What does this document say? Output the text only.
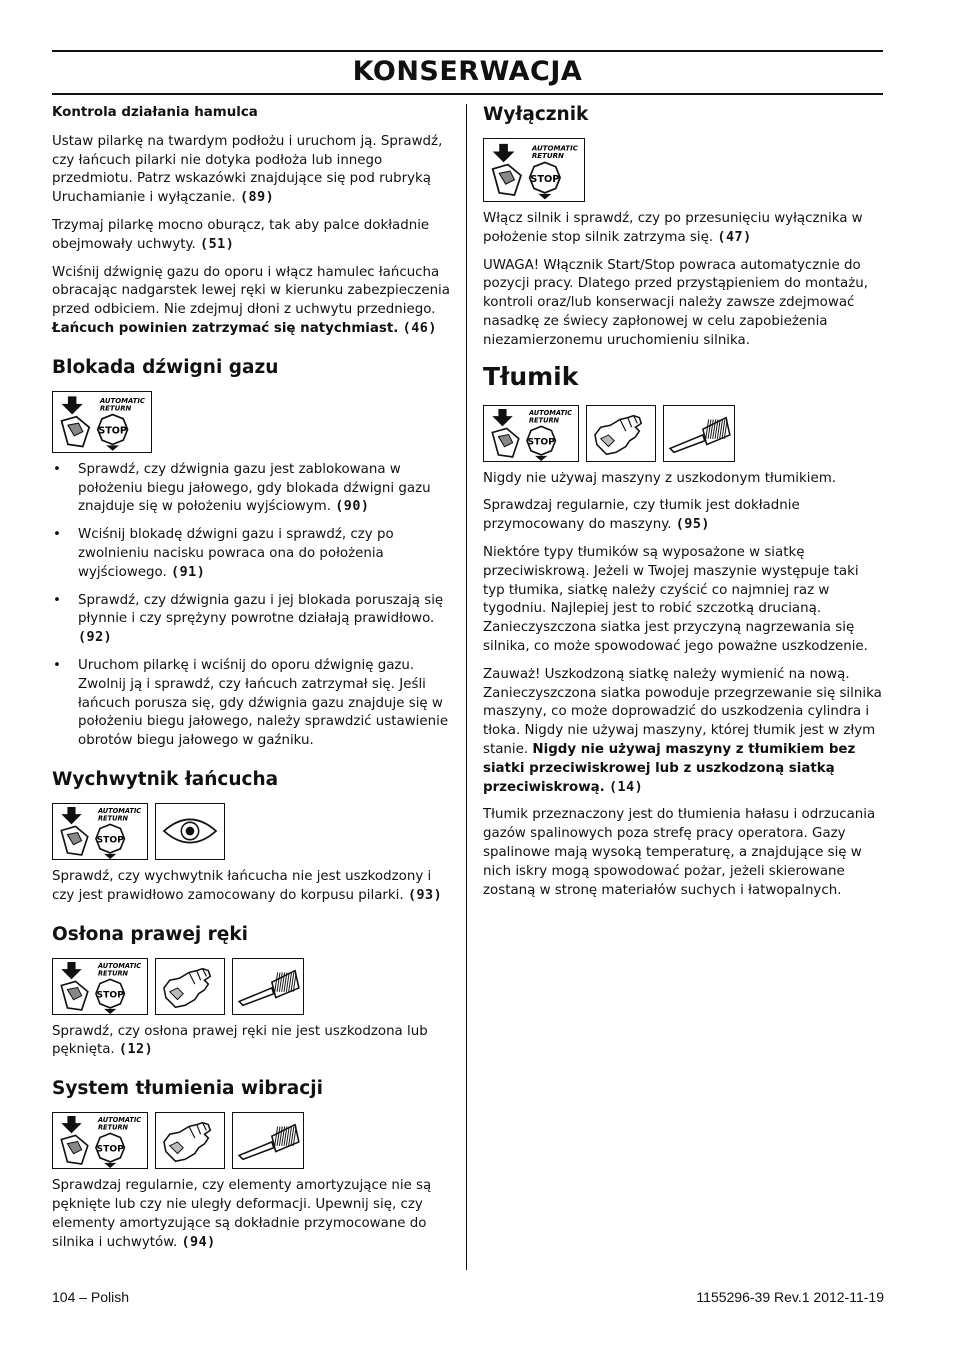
KONSERWACJA

Kontrola działania hamulca

Ustaw pilarkę na twardym podłożu i uruchom ją. Sprawdź, czy łańcuch pilarki nie dotyka podłoża lub innego przedmiotu. Patrz wskazówki znajdujące się pod rubryką Uruchamianie i wyłączanie. (89)

Trzymaj pilarkę mocno oburącz, tak aby palce dokładnie obejmowały uchwyty. (51)

Wciśnij dźwignię gazu do oporu i włącz hamulec łańcucha obracając nadgarstek lewej ręki w kierunku zabezpieczenia przed odbiciem. Nie zdejmuj dłoni z uchwytu przedniego.
Łańcuch powinien zatrzymać się natychmiast. (46)

Blokada dźwigni gazu
AUTOMATIC
RETURN
STOP
• Sprawdź, czy dźwignia gazu jest zablokowana w położeniu biegu jałowego, gdy blokada dźwigni gazu znajduje się w położeniu wyjściowym. (90)
• Wciśnij blokadę dźwigni gazu i sprawdź, czy po zwolnieniu nacisku powraca ona do położenia wyjściowego. (91)
• Sprawdź, czy dźwignia gazu i jej blokada poruszają się płynnie i czy sprężyny powrotne działają prawidłowo. (92)
• Uruchom pilarkę i wciśnij do oporu dźwignię gazu. Zwolnij ją i sprawdź, czy łańcuch zatrzymał się. Jeśli łańcuch porusza się, gdy dźwignia gazu znajduje się w położeniu biegu jałowego, należy sprawdzić ustawienie obrotów biegu jałowego w gaźniku.
Wychwytnik łańcucha
AUTOMATIC
RETURN
STOP

Sprawdź, czy wychwytnik łańcucha nie jest uszkodzony i czy jest prawidłowo zamocowany do korpusu pilarki. (93)

Osłona prawej ręki
AUTOMATIC
RETURN
STOP

Sprawdź, czy osłona prawej ręki nie jest uszkodzona lub pęknięta. (12)

System tłumienia wibracji
AUTOMATIC
RETURN
STOP

Sprawdzaj regularnie, czy elementy amortyzujące nie są pęknięte lub czy nie uległy deformacji. Upewnij się, czy elementy amortyzujące są dokładnie przymocowane do silnika i uchwytów. (94)

Wyłącznik
AUTOMATIC
RETURN
STOP

Włącz silnik i sprawdź, czy po przesunięciu wyłącznika w położenie stop silnik zatrzyma się. (47)

UWAGA! Włącznik Start/Stop powraca automatycznie do pozycji pracy. Dlatego przed przystąpieniem do montażu, kontroli oraz/lub konserwacji należy zawsze zdejmować nasadkę ze świecy zapłonowej w celu zapobieżenia niezamierzonemu uruchomieniu silnika.

Tłumik
AUTOMATIC
RETURN
STOP

Nigdy nie używaj maszyny z uszkodonym tłumikiem.

Sprawdzaj regularnie, czy tłumik jest dokładnie przymocowany do maszyny. (95)

Niektóre typy tłumików są wyposażone w siatkę przeciwiskrową. Jeżeli w Twojej maszynie występuje taki typ tłumika, siatkę należy czyścić co najmniej raz w tygodniu. Najlepiej jest to robić szczotką drucianą. Zanieczyszczona siatka jest przyczyną nagrzewania się silnika, co może spowodować jego poważne uszkodzenie.

Zauważ! Uszkodzoną siatkę należy wymienić na nową. Zanieczyszczona siatka powoduje przegrzewanie się silnika maszyny, co może doprowadzić do uszkodzenia cylindra i tłoka. Nigdy nie używaj maszyny, której tłumik jest w złym stanie. Nigdy nie używaj maszyny z tłumikiem bez siatki przeciwiskrowej lub z uszkodzoną siatką przeciwiskrową. (14)

Tłumik przeznaczony jest do tłumienia hałasu i odrzucania gazów spalinowych poza strefę pracy operatora. Gazy spalinowe mają wysoką temperaturę, a znajdujące się w nich iskry mogą spowodować pożar, jeżeli skierowane zostaną w stronę materiałów suchych i łatwopalnych.

104 – Polish	1155296-39 Rev.1 2012-11-19
